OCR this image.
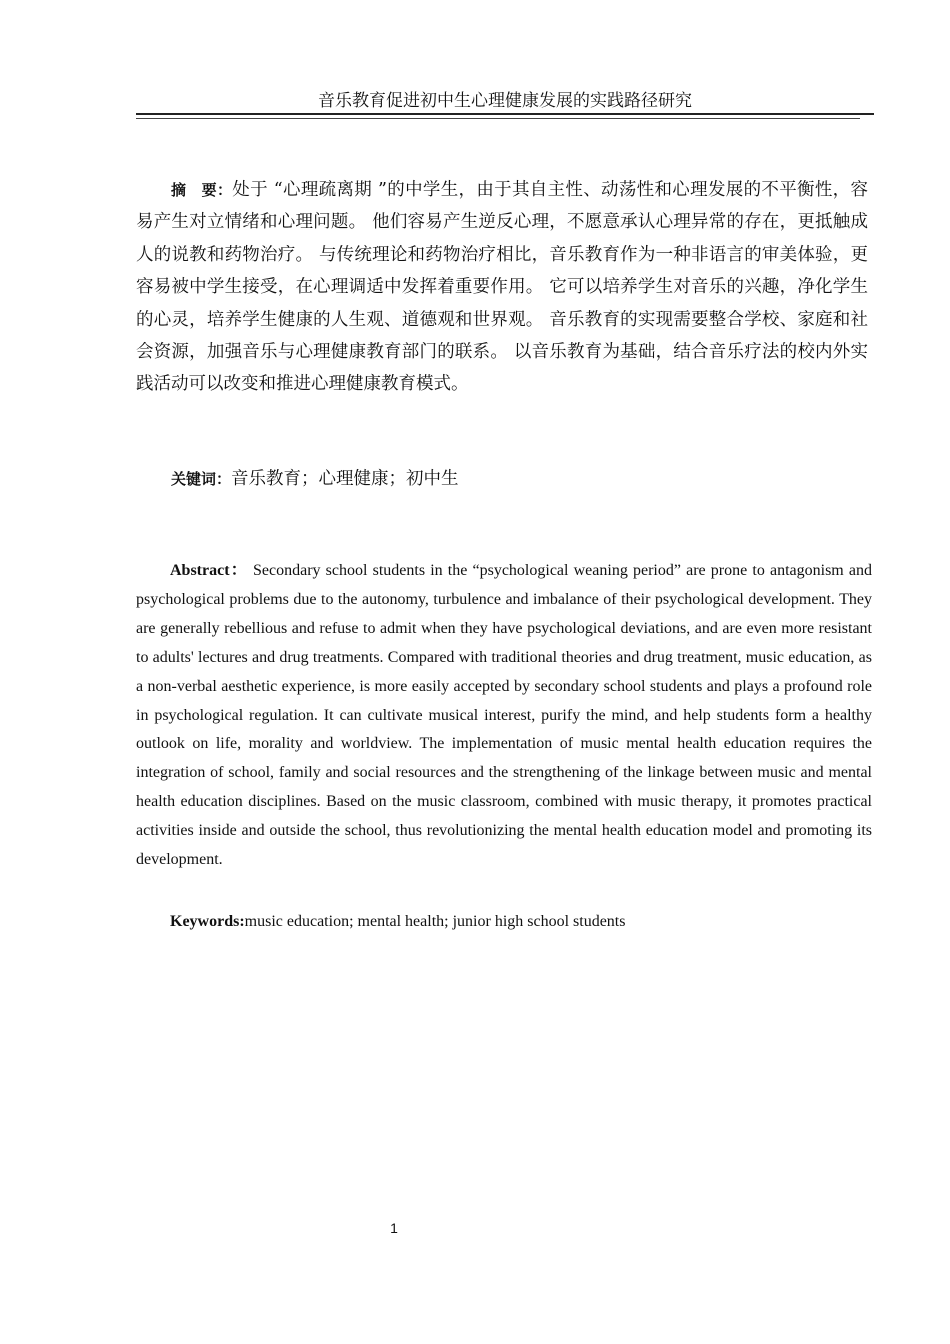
音乐教育促进初中生心理健康发展的实践路径研究
摘　要：处于 “心理疏离期 ”的中学生，由于其自主性、动荡性和心理发展的不平衡性，容易产生对立情绪和心理问题。 他们容易产生逆反心理，不愿意承认心理异常的存在，更抵触成人的说教和药物治疗。 与传统理论和药物治疗相比，音乐教育作为一种非语言的审美体验，更容易被中学生接受，在心理调适中发挥着重要作用。 它可以培养学生对音乐的兴趣，净化学生的心灵，培养学生健康的人生观、道德观和世界观。 音乐教育的实现需要整合学校、家庭和社会资源，加强音乐与心理健康教育部门的联系。 以音乐教育为基础，结合音乐疗法的校内外实践活动可以改变和推进心理健康教育模式。
关键词：音乐教育；心理健康；初中生
Abstract： Secondary school students in the “psychological weaning period” are prone to antagonism and psychological problems due to the autonomy, turbulence and imbalance of their psychological development. They are generally rebellious and refuse to admit when they have psychological deviations, and are even more resistant to adults' lectures and drug treatments. Compared with traditional theories and drug treatment, music education, as a non-verbal aesthetic experience, is more easily accepted by secondary school students and plays a profound role in psychological regulation. It can cultivate musical interest, purify the mind, and help students form a healthy outlook on life, morality and worldview. The implementation of music mental health education requires the integration of school, family and social resources and the strengthening of the linkage between music and mental health education disciplines. Based on the music classroom, combined with music therapy, it promotes practical activities inside and outside the school, thus revolutionizing the mental health education model and promoting its development.
Keywords:music education; mental health; junior high school students
1
